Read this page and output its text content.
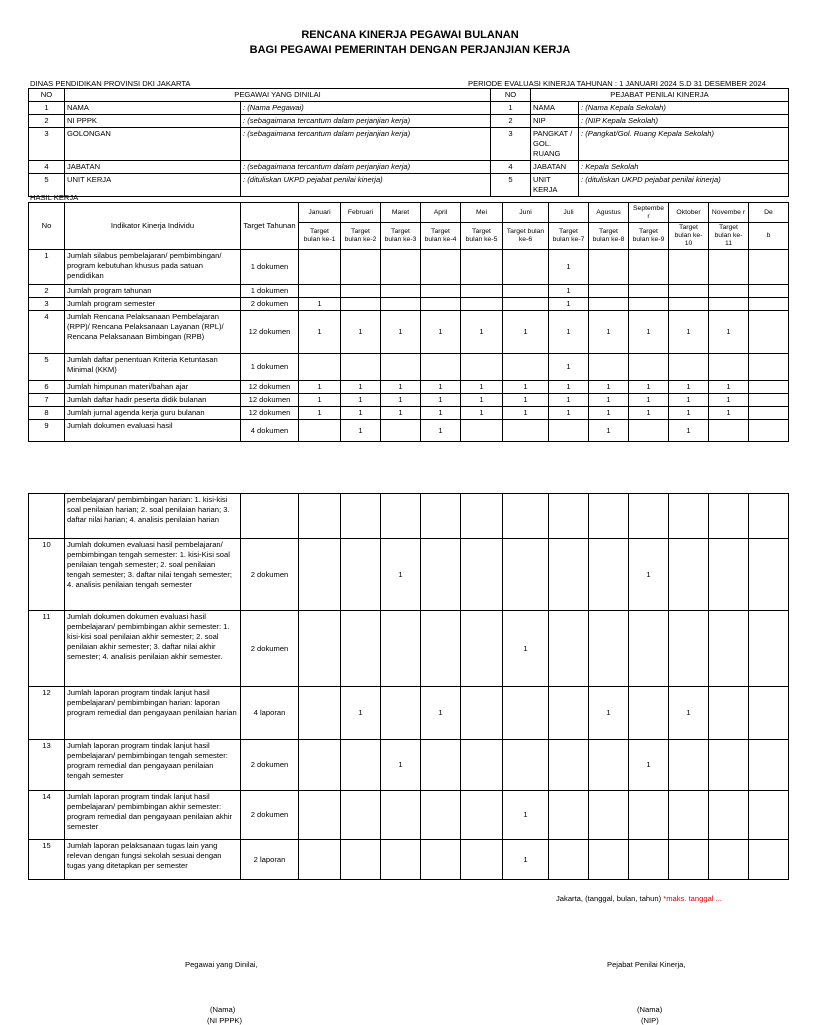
RENCANA KINERJA PEGAWAI BULANAN
BAGI PEGAWAI PEMERINTAH DENGAN PERJANJIAN KERJA
DINAS PENDIDIKAN PROVINSI DKI JAKARTA	PERIODE EVALUASI KINERJA TAHUNAN : 1 JANUARI 2024 S.D 31 DESEMBER 2024
NO	PEGAWAI YANG DINILAI		NO	PEJABAT PENILAI KINERJA	
1	NAMA	: (Nama Pegawai)	1	NAMA	: (Nama Kepala Sekolah)
2	NI PPPK	: (sebagaimana tercantum dalam perjanjian kerja)	2	NIP	: (NIP Kepala Sekolah)
3	GOLONGAN	: (sebagaimana tercantum dalam perjanjian kerja)	3	PANGKAT / GOL. RUANG	: (Pangkat/Gol. Ruang Kepala Sekolah)
4	JABATAN	: (sebagaimana tercantum dalam perjanjian kerja)	4	JABATAN	: Kepala Sekolah
5	UNIT KERJA	: (dituliskan UKPD pejabat penilai kinerja)	5	UNIT KERJA	: (dituliskan UKPD pejabat penilai kinerja)
HASIL KERJA
No	Indikator Kinerja Individu	Target Tahunan	Januari	Februari	Maret	April	Mei	Juni	Juli	Agustus	Septembe r	Oktober	Novembe r	De
			Target bulan ke-1	Target bulan ke-2	Target bulan ke-3	Target bulan ke-4	Target bulan ke-5	Target bulan ke-6	Target bulan ke-7	Target bulan ke-8	Target bulan ke-9	Target bulan ke-10	Target bulan ke-11	b
1	Jumlah silabus pembelajaran/ pembimbingan/ program kebutuhan khusus pada satuan pendidikan	1 dokumen							1					
2	Jumlah program tahunan	1 dokumen							1					
3	Jumlah program semester	2 dokumen	1						1					
4	Jumlah Rencana Pelaksanaan Pembelajaran (RPP)/ Rencana Pelaksanaan Layanan (RPL)/ Rencana Pelaksanaan Bimbingan (RPB)	12 dokumen	1	1	1	1	1	1	1	1	1	1	1	
5	Jumlah daftar penentuan Kriteria Ketuntasan Minimal (KKM)	1 dokumen							1					
6	Jumlah himpunan materi/bahan ajar	12 dokumen	1	1	1	1	1	1	1	1	1	1	1	
7	Jumlah daftar hadir peserta didik bulanan	12 dokumen	1	1	1	1	1	1	1	1	1	1	1	
8	Jumlah jurnal agenda kerja guru bulanan	12 dokumen	1	1	1	1	1	1	1	1	1	1	1	
9	Jumlah dokumen evaluasi hasil	4 dokumen		1		1				1		1		
	pembelajaran/ pembimbingan harian: 1. kisi-kisi soal penilaian harian; 2. soal penilaian harian; 3. daftar nilai harian; 4. analisis penilaian harian													
10	Jumlah dokumen evaluasi hasil pembelajaran/ pembimbingan tengah semester: 1. kisi-Kisi soal penilaian tengah semester; 2. soal penilaian tengah semester; 3. daftar nilai tengah semester; 4. analisis penilaian tengah semester	2 dokumen			1						1			
11	Jumlah dokumen dokumen evaluasi hasil pembelajaran/ pembimbingan akhir semester: 1. kisi-kisi soal penilaian akhir semester; 2. soal penilaian akhir semester; 3. daftar nilai akhir semester; 4. analisis penilaian akhir semester.	2 dokumen						1						
12	Jumlah laporan program tindak lanjut hasil pembelajaran/ pembimbingan harian: laporan program remedial dan pengayaan penilaian harian	4 laporan		1		1				1		1		
13	Jumlah laporan program tindak lanjut hasil pembelajaran/ pembimbingan tengah semester: program remedial dan pengayaan penilaian tengah semester	2 dokumen			1						1			
14	Jumlah laporan program tindak lanjut hasil pembelajaran/ pembimbingan akhir semester: program remedial dan pengayaan penilaian akhir semester	2 dokumen						1						
15	Jumlah laporan pelaksanaan tugas lain yang relevan dengan fungsi sekolah sesuai dengan tugas yang ditetapkan per semester	2 laporan						1						
Jakarta, (tanggal, bulan, tahun) *maks. tanggal ...
Pegawai yang Dinilai,	Pejabat Penilai Kinerja,
(Nama)
(NI PPPK)
(Nama)
(NIP)
